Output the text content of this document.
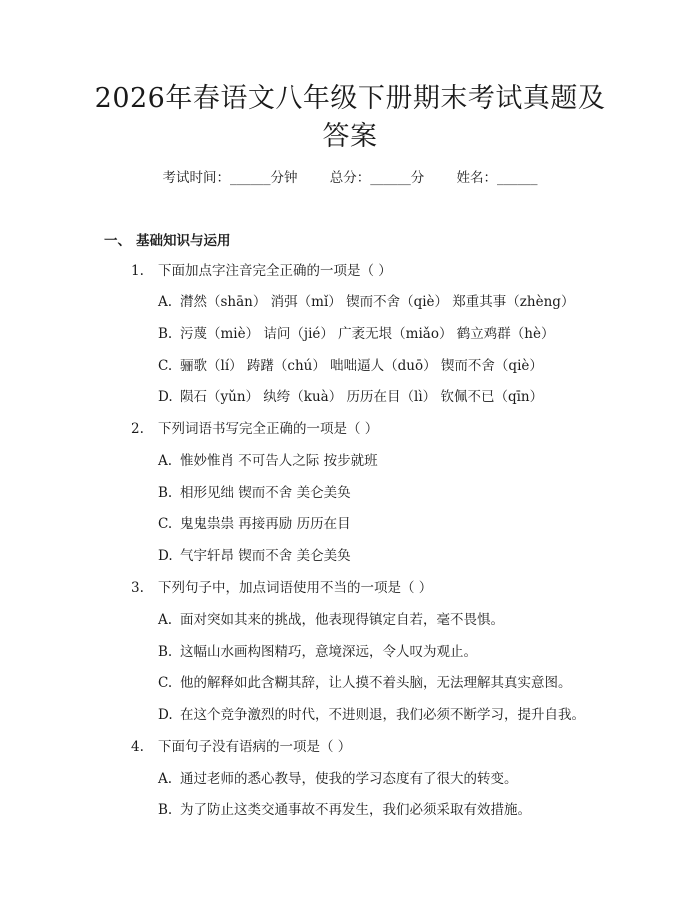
2026年春语文八年级下册期末考试真题及答案
考试时间：______分钟 总分：______分 姓名：______
一、 基础知识与运用
1. 下面加点字注音完全正确的一项是（ ）
A. 潸然（shān） 消弭（mǐ） 锲而不舍（qiè） 郑重其事（zhèng）
B. 污蔑（miè） 诘问（jié） 广袤无垠（miǎo） 鹤立鸡群（hè）
C. 骊歌（lí） 踌躇（chú） 咄咄逼人（duō） 锲而不舍（qiè）
D. 陨石（yǔn） 纨绔（kuà） 历历在目（lì） 钦佩不已（qīn）
2. 下列词语书写完全正确的一项是（ ）
A. 惟妙惟肖 不可告人之际 按步就班
B. 相形见绌 锲而不舍 美仑美奂
C. 鬼鬼祟祟 再接再励 历历在目
D. 气宇轩昂 锲而不舍 美仑美奂
3. 下列句子中，加点词语使用不当的一项是（ ）
A. 面对突如其来的挑战，他表现得镇定自若，毫不畏惧。
B. 这幅山水画构图精巧，意境深远，令人叹为观止。
C. 他的解释如此含糊其辞，让人摸不着头脑，无法理解其真实意图。
D. 在这个竞争激烈的时代，不进则退，我们必须不断学习，提升自我。
4. 下面句子没有语病的一项是（ ）
A. 通过老师的悉心教导，使我的学习态度有了很大的转变。
B. 为了防止这类交通事故不再发生，我们必须采取有效措施。
